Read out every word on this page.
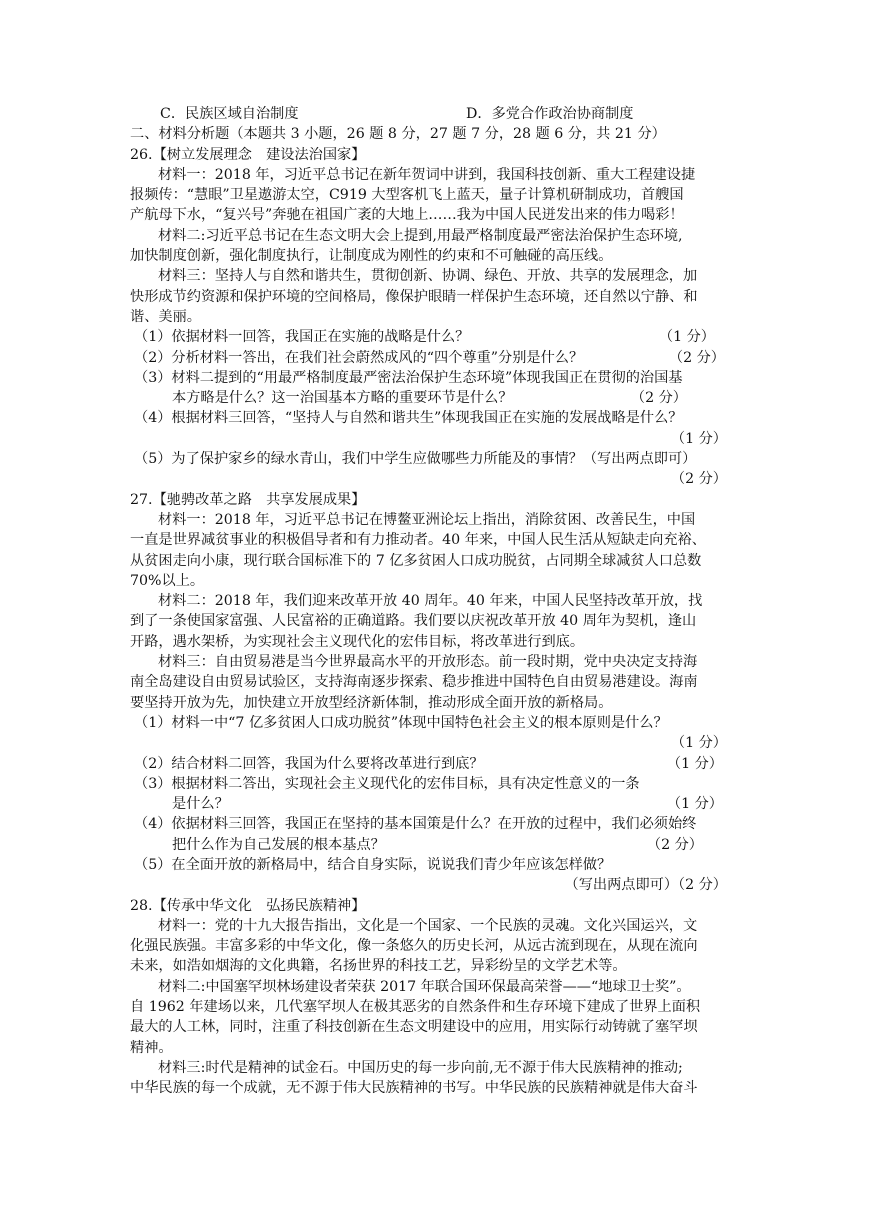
C．民族区域自治制度	D．多党合作政治协商制度
二、材料分析题（本题共 3 小题，26 题 8 分，27 题 7 分，28 题 6 分，共 21 分）
26.【树立发展理念　建设法治国家】
材料一：2018 年，习近平总书记在新年贺词中讲到，我国科技创新、重大工程建设捷
报频传：“慧眼”卫星遨游太空，C919 大型客机飞上蓝天，量子计算机研制成功，首艘国
产航母下水，“复兴号”奔驰在祖国广袤的大地上……我为中国人民迸发出来的伟力喝彩！
材料二:习近平总书记在生态文明大会上提到,用最严格制度最严密法治保护生态环境,
加快制度创新，强化制度执行，让制度成为刚性的约束和不可触碰的高压线。
材料三：坚持人与自然和谐共生，贯彻创新、协调、绿色、开放、共享的发展理念，加
快形成节约资源和保护环境的空间格局，像保护眼睛一样保护生态环境，还自然以宁静、和
谐、美丽。
（1）依据材料一回答，我国正在实施的战略是什么？	（1 分）
（2）分析材料一答出，在我们社会蔚然成风的“四个尊重”分别是什么？	（2 分）
（3）材料二提到的“用最严格制度最严密法治保护生态环境”体现我国正在贯彻的治国基
本方略是什么？这一治国基本方略的重要环节是什么？	（2 分）
（4）根据材料三回答，“坚持人与自然和谐共生”体现我国正在实施的发展战略是什么？
（1 分）
（5）为了保护家乡的绿水青山，我们中学生应做哪些力所能及的事情？（写出两点即可）
（2 分）
27.【驰骋改革之路　共享发展成果】
材料一：2018 年，习近平总书记在博鳌亚洲论坛上指出，消除贫困、改善民生，中国
一直是世界减贫事业的积极倡导者和有力推动者。40 年来，中国人民生活从短缺走向充裕、
从贫困走向小康，现行联合国标准下的 7 亿多贫困人口成功脱贫，占同期全球减贫人口总数
70%以上。
材料二：2018 年，我们迎来改革开放 40 周年。40 年来，中国人民坚持改革开放，找
到了一条使国家富强、人民富裕的正确道路。我们要以庆祝改革开放 40 周年为契机，逢山
开路，遇水架桥，为实现社会主义现代化的宏伟目标，将改革进行到底。
材料三：自由贸易港是当今世界最高水平的开放形态。前一段时期，党中央决定支持海
南全岛建设自由贸易试验区，支持海南逐步探索、稳步推进中国特色自由贸易港建设。海南
要坚持开放为先，加快建立开放型经济新体制，推动形成全面开放的新格局。
（1）材料一中“7 亿多贫困人口成功脱贫”体现中国特色社会主义的根本原则是什么？
（1 分）
（2）结合材料二回答，我国为什么要将改革进行到底？	（1 分）
（3）根据材料二答出，实现社会主义现代化的宏伟目标，具有决定性意义的一条
是什么？	（1 分）
（4）依据材料三回答，我国正在坚持的基本国策是什么？在开放的过程中，我们必须始终
把什么作为自己发展的根本基点？	（2 分）
（5）在全面开放的新格局中，结合自身实际，说说我们青少年应该怎样做？
（写出两点即可）（2 分）
28.【传承中华文化　弘扬民族精神】
材料一：党的十九大报告指出，文化是一个国家、一个民族的灵魂。文化兴国运兴，文
化强民族强。丰富多彩的中华文化，像一条悠久的历史长河，从远古流到现在，从现在流向
未来，如浩如烟海的文化典籍，名扬世界的科技工艺，异彩纷呈的文学艺术等。
材料二:中国塞罕坝林场建设者荣获 2017 年联合国环保最高荣誉——“地球卫士奖”。
自 1962 年建场以来，几代塞罕坝人在极其恶劣的自然条件和生存环境下建成了世界上面积
最大的人工林，同时，注重了科技创新在生态文明建设中的应用，用实际行动铸就了塞罕坝
精神。
材料三:时代是精神的试金石。中国历史的每一步向前,无不源于伟大民族精神的推动;
中华民族的每一个成就，无不源于伟大民族精神的书写。中华民族的民族精神就是伟大奋斗
